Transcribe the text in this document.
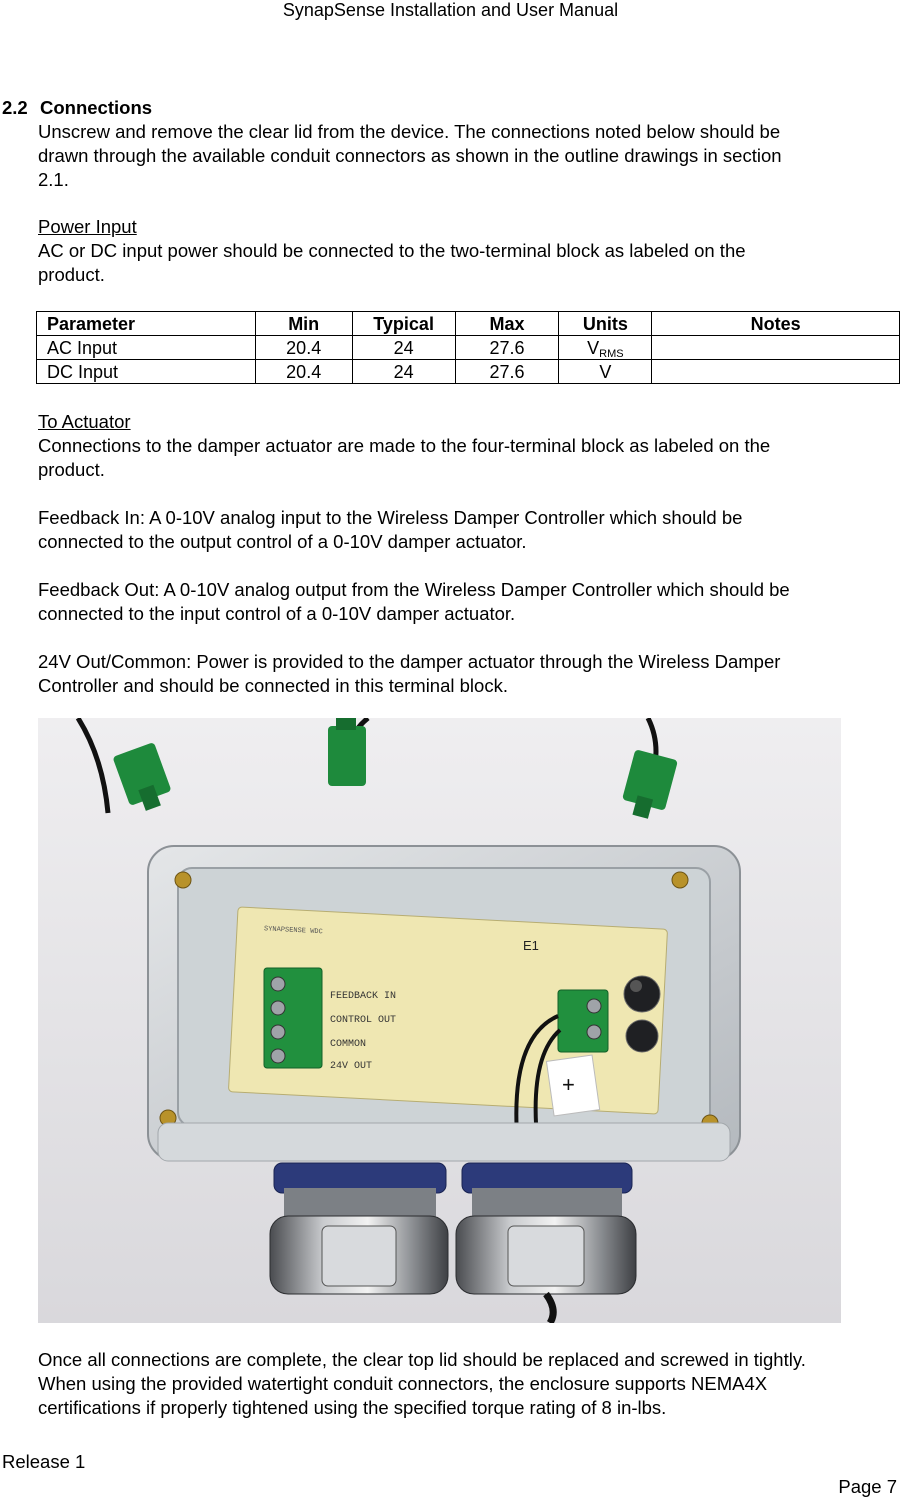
SynapSense Installation and User Manual
2.2 Connections
Unscrew and remove the clear lid from the device. The connections noted below should be
drawn through the available conduit connectors as shown in the outline drawings in section
2.1.
Power Input
AC or DC input power should be connected to the two-terminal block as labeled on the
product.
Parameter	Min	Typical	Max	Units	Notes
AC Input	20.4	24	27.6	$V_{RMS}$	
DC Input	20.4	24	27.6	V	
To Actuator
Connections to the damper actuator are made to the four-terminal block as labeled on the
product.
Feedback In: A 0-10V analog input to the Wireless Damper Controller which should be
connected to the output control of a 0-10V damper actuator.
Feedback Out: A 0-10V analog output from the Wireless Damper Controller which should be
connected to the input control of a 0-10V damper actuator.
24V Out/Common: Power is provided to the damper actuator through the Wireless Damper
Controller and should be connected in this terminal block.
SYNAPSENSE WDC
FEEDBACK IN
CONTROL OUT
COMMON
24V OUT
E1
+
Once all connections are complete, the clear top lid should be replaced and screwed in tightly.
When using the provided watertight conduit connectors, the enclosure supports NEMA4X
certifications if properly tightened using the specified torque rating of 8 in-lbs.
Release 1
Page 7
